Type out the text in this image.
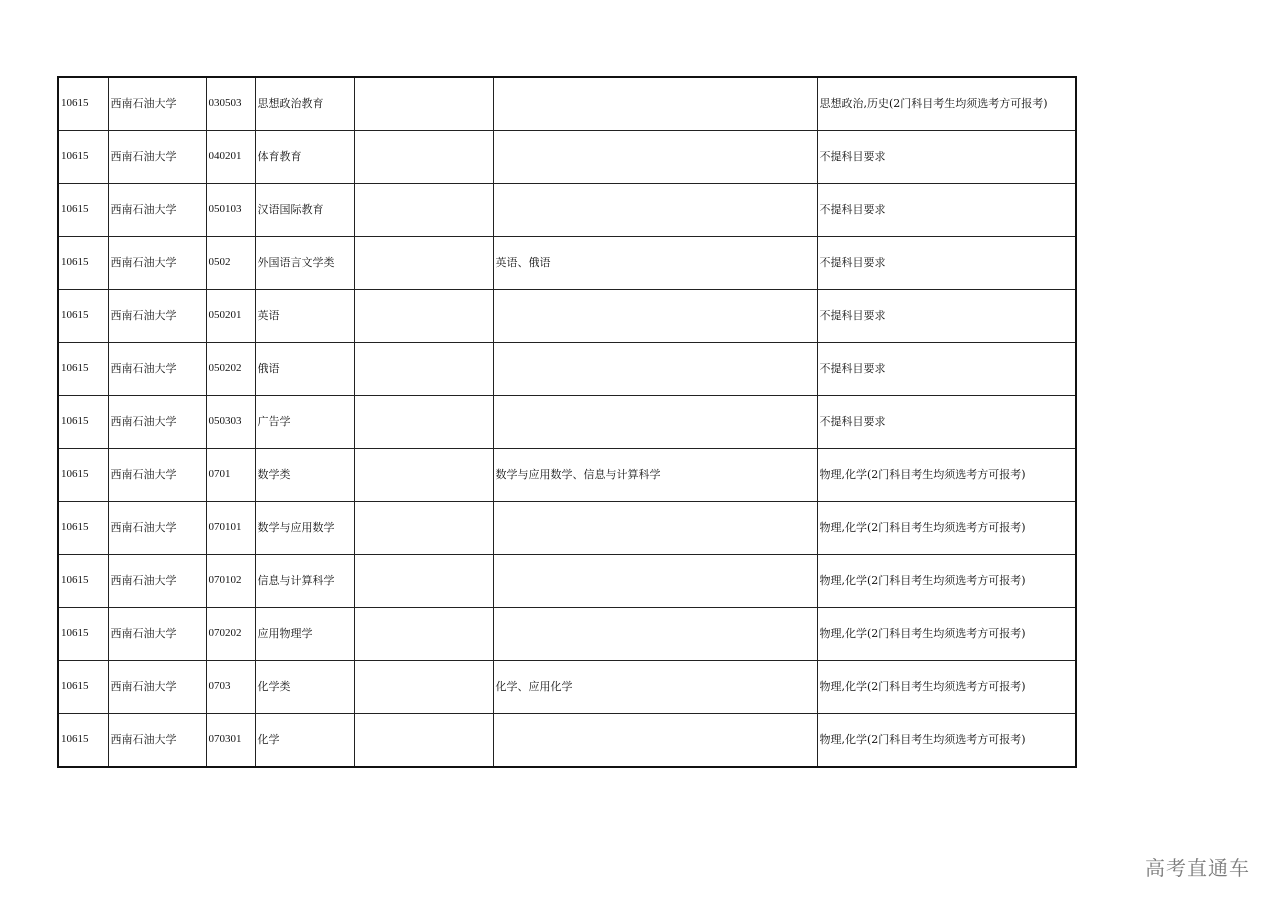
10615	西南石油大学	030503	思想政治教育			思想政治,历史(2门科目考生均须选考方可报考)
10615	西南石油大学	040201	体育教育			不提科目要求
10615	西南石油大学	050103	汉语国际教育			不提科目要求
10615	西南石油大学	0502	外国语言文学类		英语、俄语	不提科目要求
10615	西南石油大学	050201	英语			不提科目要求
10615	西南石油大学	050202	俄语			不提科目要求
10615	西南石油大学	050303	广告学			不提科目要求
10615	西南石油大学	0701	数学类		数学与应用数学、信息与计算科学	物理,化学(2门科目考生均须选考方可报考)
10615	西南石油大学	070101	数学与应用数学			物理,化学(2门科目考生均须选考方可报考)
10615	西南石油大学	070102	信息与计算科学			物理,化学(2门科目考生均须选考方可报考)
10615	西南石油大学	070202	应用物理学			物理,化学(2门科目考生均须选考方可报考)
10615	西南石油大学	0703	化学类		化学、应用化学	物理,化学(2门科目考生均须选考方可报考)
10615	西南石油大学	070301	化学			物理,化学(2门科目考生均须选考方可报考)
高考直通车
